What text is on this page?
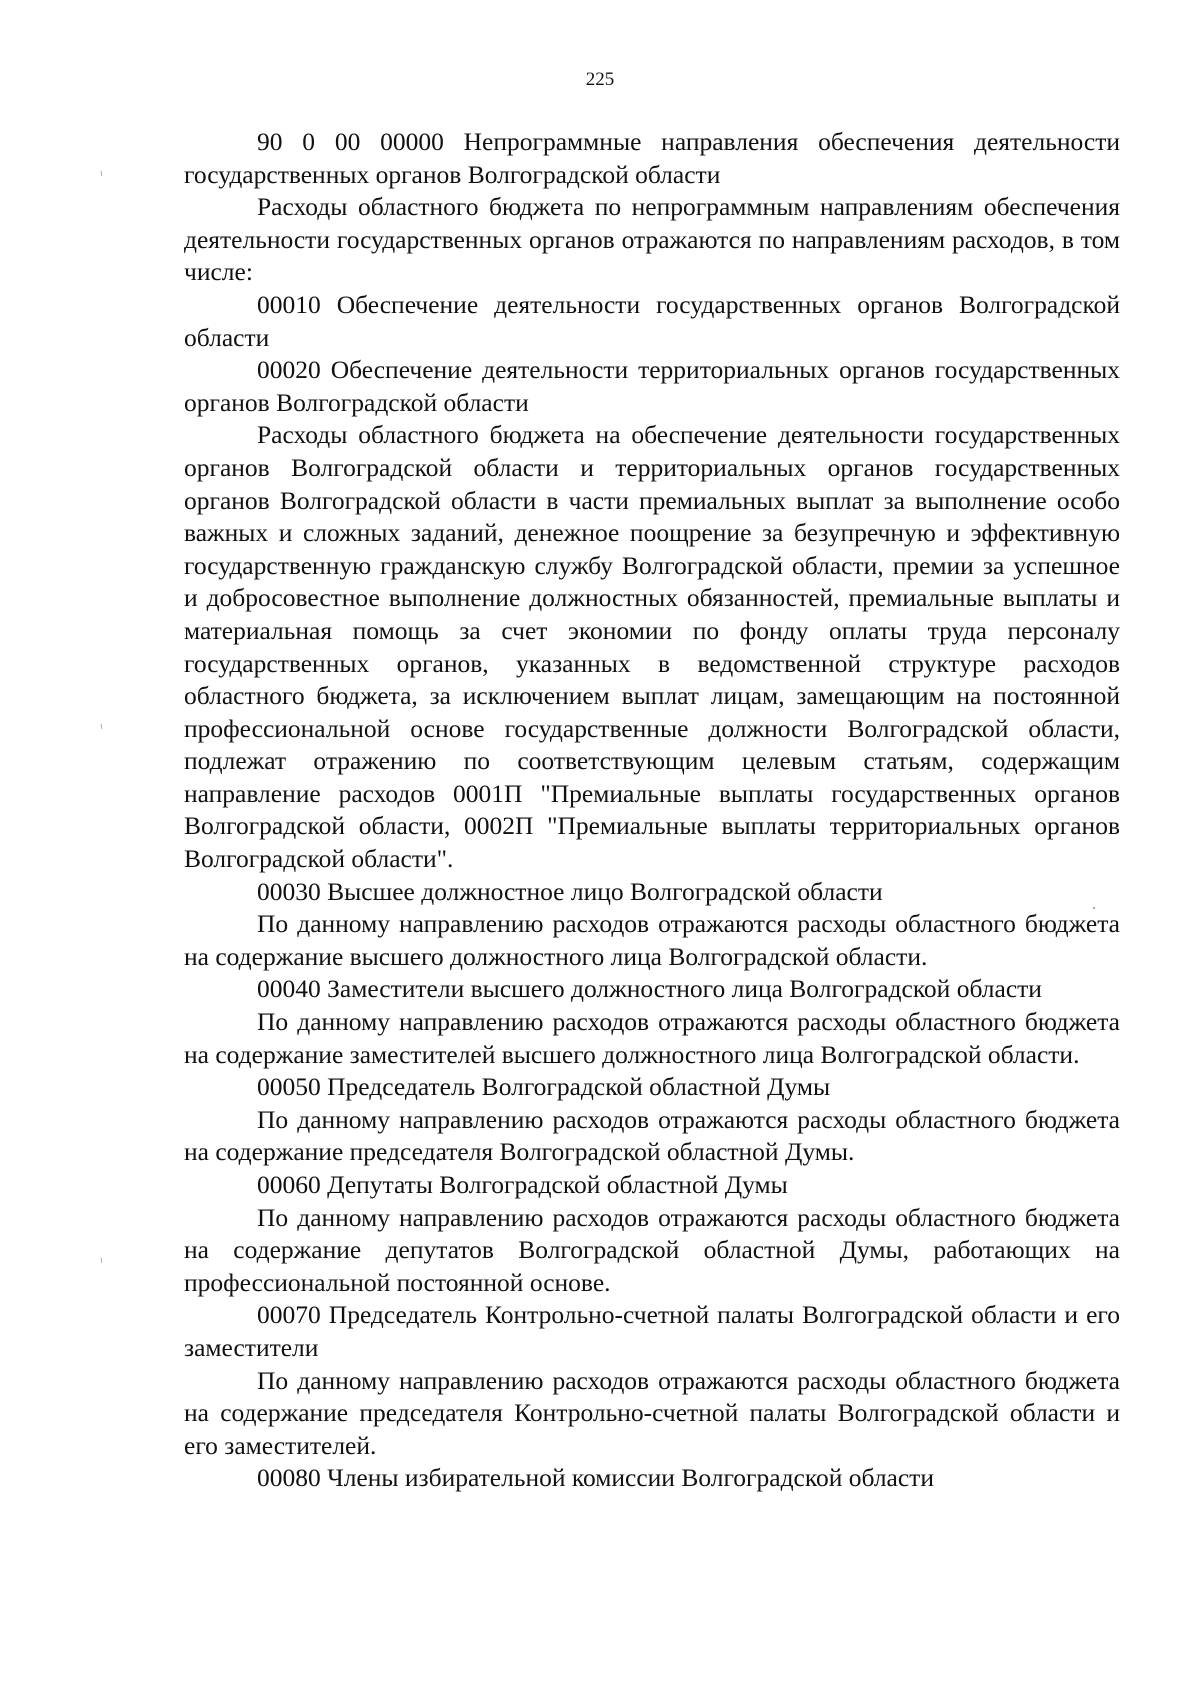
225
⸜
⸜
⸜

90 0 00 00000 Непрограммные направления обеспечения деятельности государственных органов Волгоградской области

Расходы областного бюджета по непрограммным направлениям обеспечения деятельности государственных органов отражаются по направлениям расходов, в том числе:

00010 Обеспечение деятельности государственных органов Волгоградской области

00020 Обеспечение деятельности территориальных органов государственных органов Волгоградской области

Расходы областного бюджета на обеспечение деятельности государственных органов Волгоградской области и территориальных органов государственных органов Волгоградской области в части премиальных выплат за выполнение особо важных и сложных заданий, денежное поощрение за безупречную и эффективную государственную гражданскую службу Волгоградской области, премии за успешное и добросовестное выполнение должностных обязанностей, премиальные выплаты и материальная помощь за счет экономии по фонду оплаты труда персоналу государственных органов, указанных в ведомственной структуре расходов областного бюджета, за исключением выплат лицам, замещающим на постоянной профессиональной основе государственные должности Волгоградской области, подлежат отражению по соответствующим целевым статьям, содержащим направление расходов 0001П "Премиальные выплаты государственных органов Волгоградской области, 0002П "Премиальные выплаты территориальных органов Волгоградской области".

00030 Высшее должностное лицо Волгоградской области

По данному направлению расходов отражаются расходы областного бюджета на содержание высшего должностного лица Волгоградской области.

00040 Заместители высшего должностного лица Волгоградской области

По данному направлению расходов отражаются расходы областного бюджета на содержание заместителей высшего должностного лица Волгоградской области.

00050 Председатель Волгоградской областной Думы

По данному направлению расходов отражаются расходы областного бюджета на содержание председателя Волгоградской областной Думы.

00060 Депутаты Волгоградской областной Думы

По данному направлению расходов отражаются расходы областного бюджета на содержание депутатов Волгоградской областной Думы, работающих на профессиональной постоянной основе.

00070 Председатель Контрольно-счетной палаты Волгоградской области и его заместители

По данному направлению расходов отражаются расходы областного бюджета на содержание председателя Контрольно-счетной палаты Волгоградской области и его заместителей.

00080 Члены избирательной комиссии Волгоградской области
